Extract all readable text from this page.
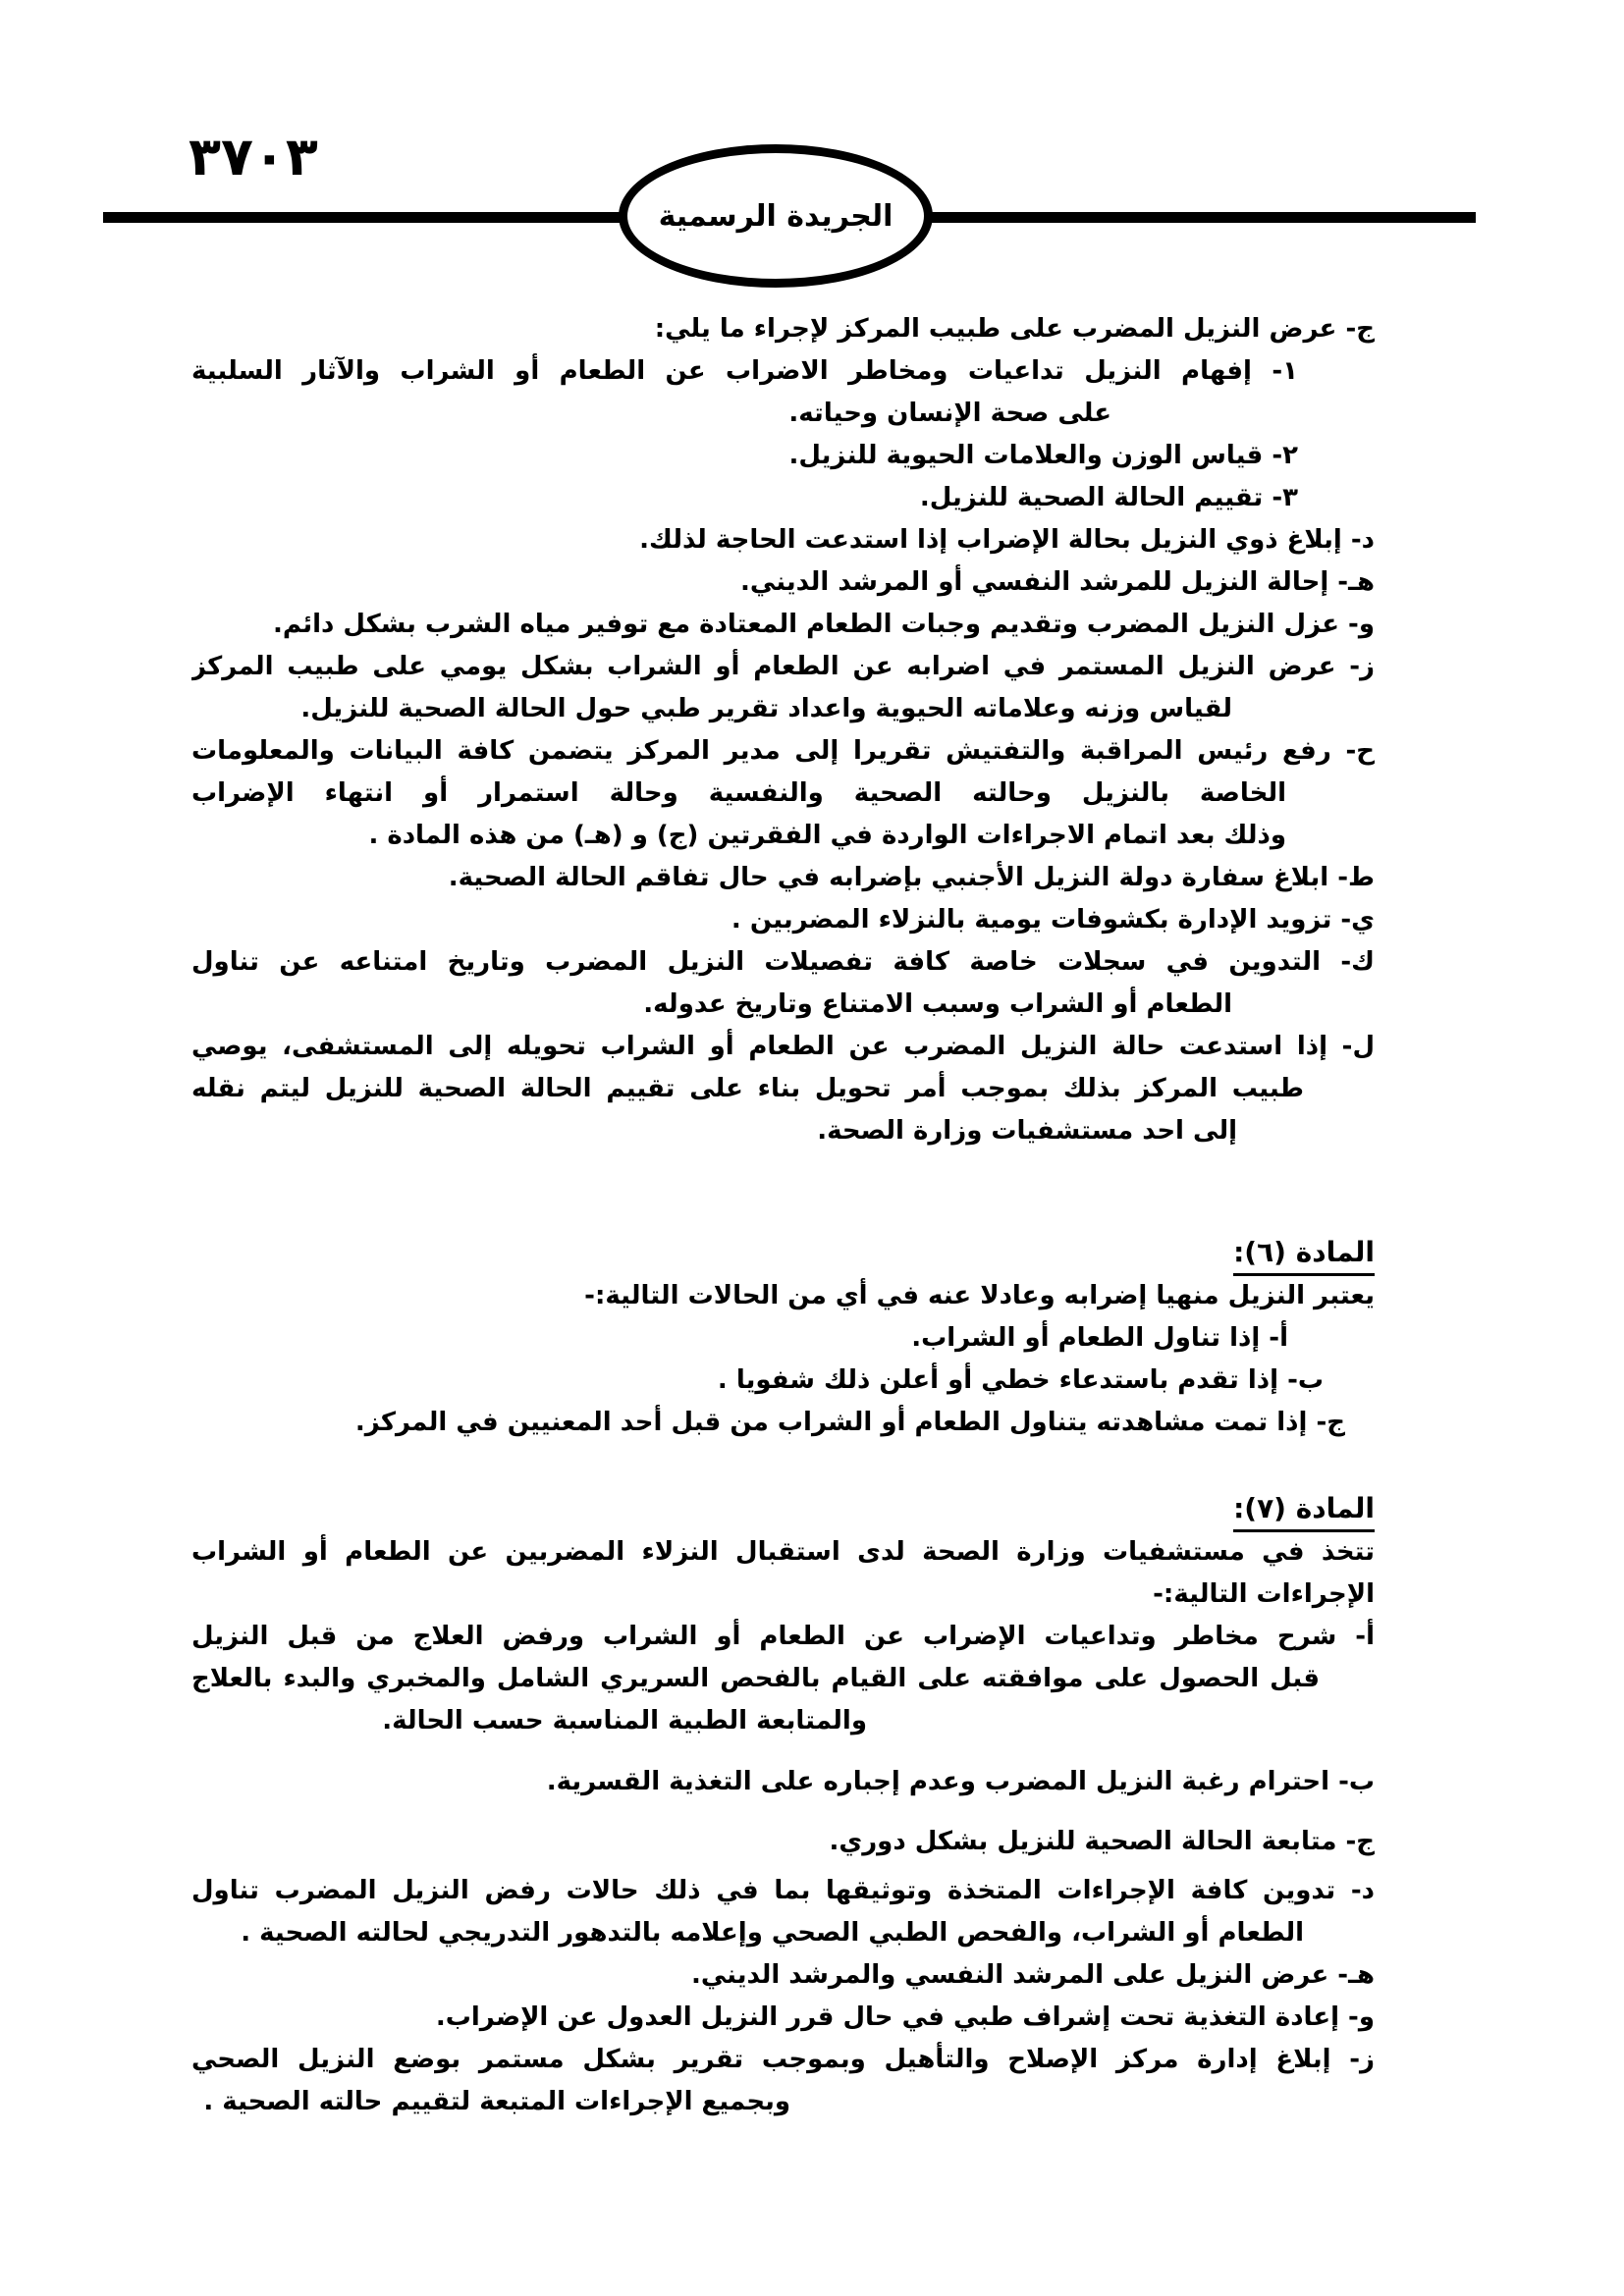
٣٧٠٣
الجريدة الرسمية
ج- عرض النزيل المضرب على طبيب المركز لإجراء ما يلي:
١- إفهام النزيل تداعيات ومخاطر الاضراب عن الطعام أو الشراب والآثار السلبية
على صحة الإنسان وحياته.
٢- قياس الوزن والعلامات الحيوية للنزيل.
٣- تقييم الحالة الصحية للنزيل.
د- إبلاغ ذوي النزيل بحالة الإضراب إذا استدعت الحاجة لذلك.
هـ- إحالة النزيل للمرشد النفسي أو المرشد الديني.
و- عزل النزيل المضرب وتقديم وجبات الطعام المعتادة مع توفير مياه الشرب بشكل دائم.
ز- عرض النزيل المستمر في اضرابه عن الطعام أو الشراب بشكل يومي على طبيب المركز
لقياس وزنه وعلاماته الحيوية واعداد تقرير طبي حول الحالة الصحية للنزيل.
ح- رفع رئيس المراقبة والتفتيش تقريرا إلى مدير المركز يتضمن كافة البيانات والمعلومات
الخاصة بالنزيل وحالته الصحية والنفسية وحالة استمرار أو انتهاء الإضراب
وذلك بعد اتمام الاجراءات الواردة في الفقرتين (ج) و (هـ) من هذه المادة .
ط- ابلاغ سفارة دولة النزيل الأجنبي بإضرابه في حال تفاقم الحالة الصحية.
ي- تزويد الإدارة بكشوفات يومية بالنزلاء المضربين .
ك- التدوين في سجلات خاصة كافة تفصيلات النزيل المضرب وتاريخ امتناعه عن تناول
الطعام أو الشراب وسبب الامتناع وتاريخ عدوله.
ل- إذا استدعت حالة النزيل المضرب عن الطعام أو الشراب تحويله إلى المستشفى، يوصي
طبيب المركز بذلك بموجب أمر تحويل بناء على تقييم الحالة الصحية للنزيل ليتم نقله
إلى احد مستشفيات وزارة الصحة.
المادة (٦):
يعتبر النزيل منهيا إضرابه وعادلا عنه في أي من الحالات التالية:-
أ- إذا تناول الطعام أو الشراب.
ب- إذا تقدم باستدعاء خطي أو أعلن ذلك شفويا .
ج- إذا تمت مشاهدته يتناول الطعام أو الشراب من قبل أحد المعنيين في المركز.
المادة (٧):
تتخذ في مستشفيات وزارة الصحة لدى استقبال النزلاء المضربين عن الطعام أو الشراب
الإجراءات التالية:-
أ- شرح مخاطر وتداعيات الإضراب عن الطعام أو الشراب ورفض العلاج من قبل النزيل
قبل الحصول على موافقته على القيام بالفحص السريري الشامل والمخبري والبدء بالعلاج
والمتابعة الطبية المناسبة حسب الحالة.
ب- احترام رغبة النزيل المضرب وعدم إجباره على التغذية القسرية.
ج- متابعة الحالة الصحية للنزيل بشكل دوري.
د- تدوين كافة الإجراءات المتخذة وتوثيقها بما في ذلك حالات رفض النزيل المضرب تناول
الطعام أو الشراب، والفحص الطبي الصحي وإعلامه بالتدهور التدريجي لحالته الصحية .
هـ- عرض النزيل على المرشد النفسي والمرشد الديني.
و- إعادة التغذية تحت إشراف طبي في حال قرر النزيل العدول عن الإضراب.
ز- إبلاغ إدارة مركز الإصلاح والتأهيل وبموجب تقرير بشكل مستمر بوضع النزيل الصحي
وبجميع الإجراءات المتبعة لتقييم حالته الصحية .
